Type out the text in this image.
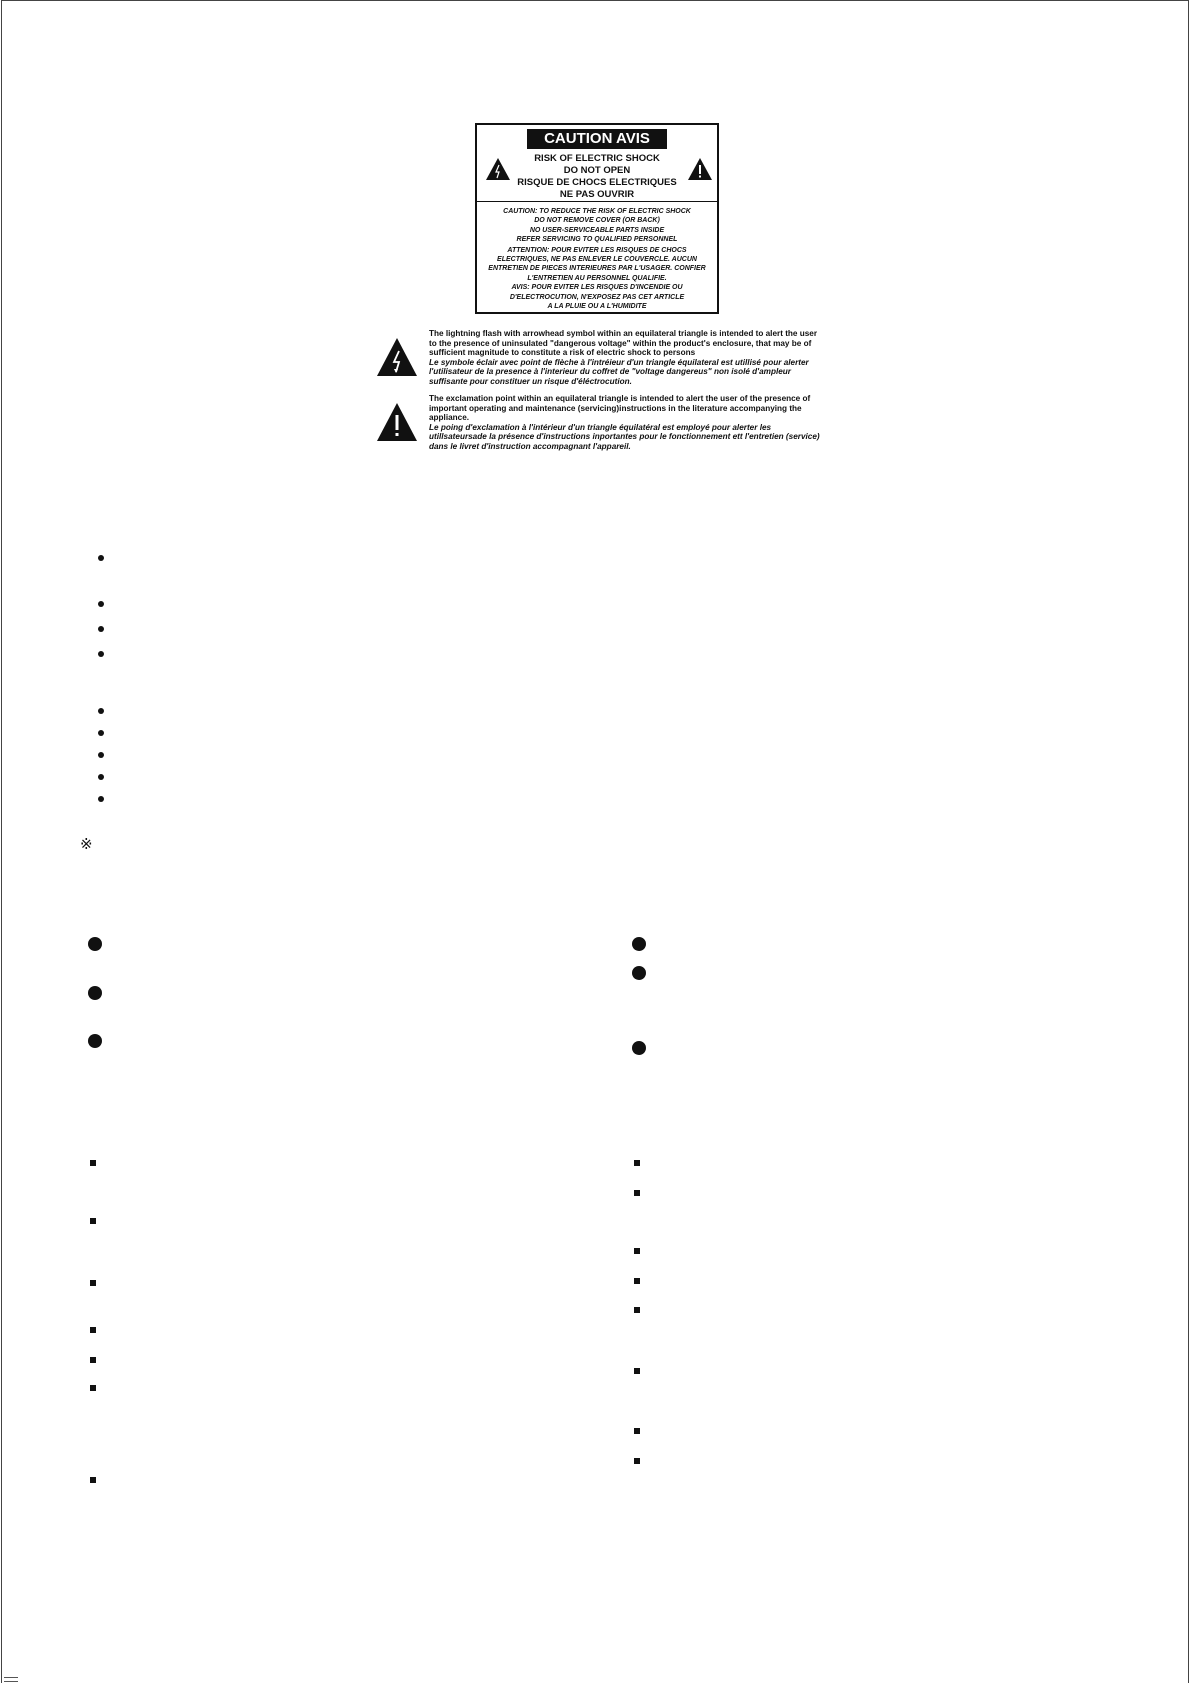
CAUTION AVIS
RISK OF ELECTRIC SHOCK
DO NOT OPEN
RISQUE DE CHOCS ELECTRIQUES
NE PAS OUVRIR
CAUTION: TO REDUCE THE RISK OF ELECTRIC SHOCK
DO NOT REMOVE COVER (OR BACK)
NO USER-SERVICEABLE PARTS INSIDE
REFER SERVICING TO QUALIFIED PERSONNEL
ATTENTION: POUR EVITER LES RISQUES DE CHOCS
ELECTRIQUES, NE PAS ENLEVER LE COUVERCLE. AUCUN
ENTRETIEN DE PIECES INTERIEURES PAR L'USAGER. CONFIER
L'ENTRETIEN AU PERSONNEL QUALIFIE.
AVIS: POUR EVITER LES RISQUES D'INCENDIE OU
D'ELECTROCUTION, N'EXPOSEZ PAS CET ARTICLE
A LA PLUIE OU A L'HUMIDITE
The lightning flash with arrowhead symbol within an equilateral triangle is intended to alert the user to the presence of uninsulated "dangerous voltage" within the product's enclosure, that may be of sufficient magnitude to constitute a risk of electric shock to persons
Le symbole éclair avec point de flèche à l'intréieur d'un triangle équilateral est utillisé pour alerter l'utilisateur de la presence à l'interieur du coffret de "voltage dangereus" non isolé d'ampleur suffisante pour constituer un risque d'éléctrocution.
The exclamation point within an equilateral triangle is intended to alert the user of the presence of important operating and maintenance (servicing)instructions in the literature accompanying the appliance.
Le poing d'exclamation à l'intérieur d'un triangle équilatéral est employé pour alerter les utillsateursade la présence d'instructions inportantes pour le fonctionnement ett l'entretien (service) dans le livret d'instruction accompagnant l'appareil.
※
